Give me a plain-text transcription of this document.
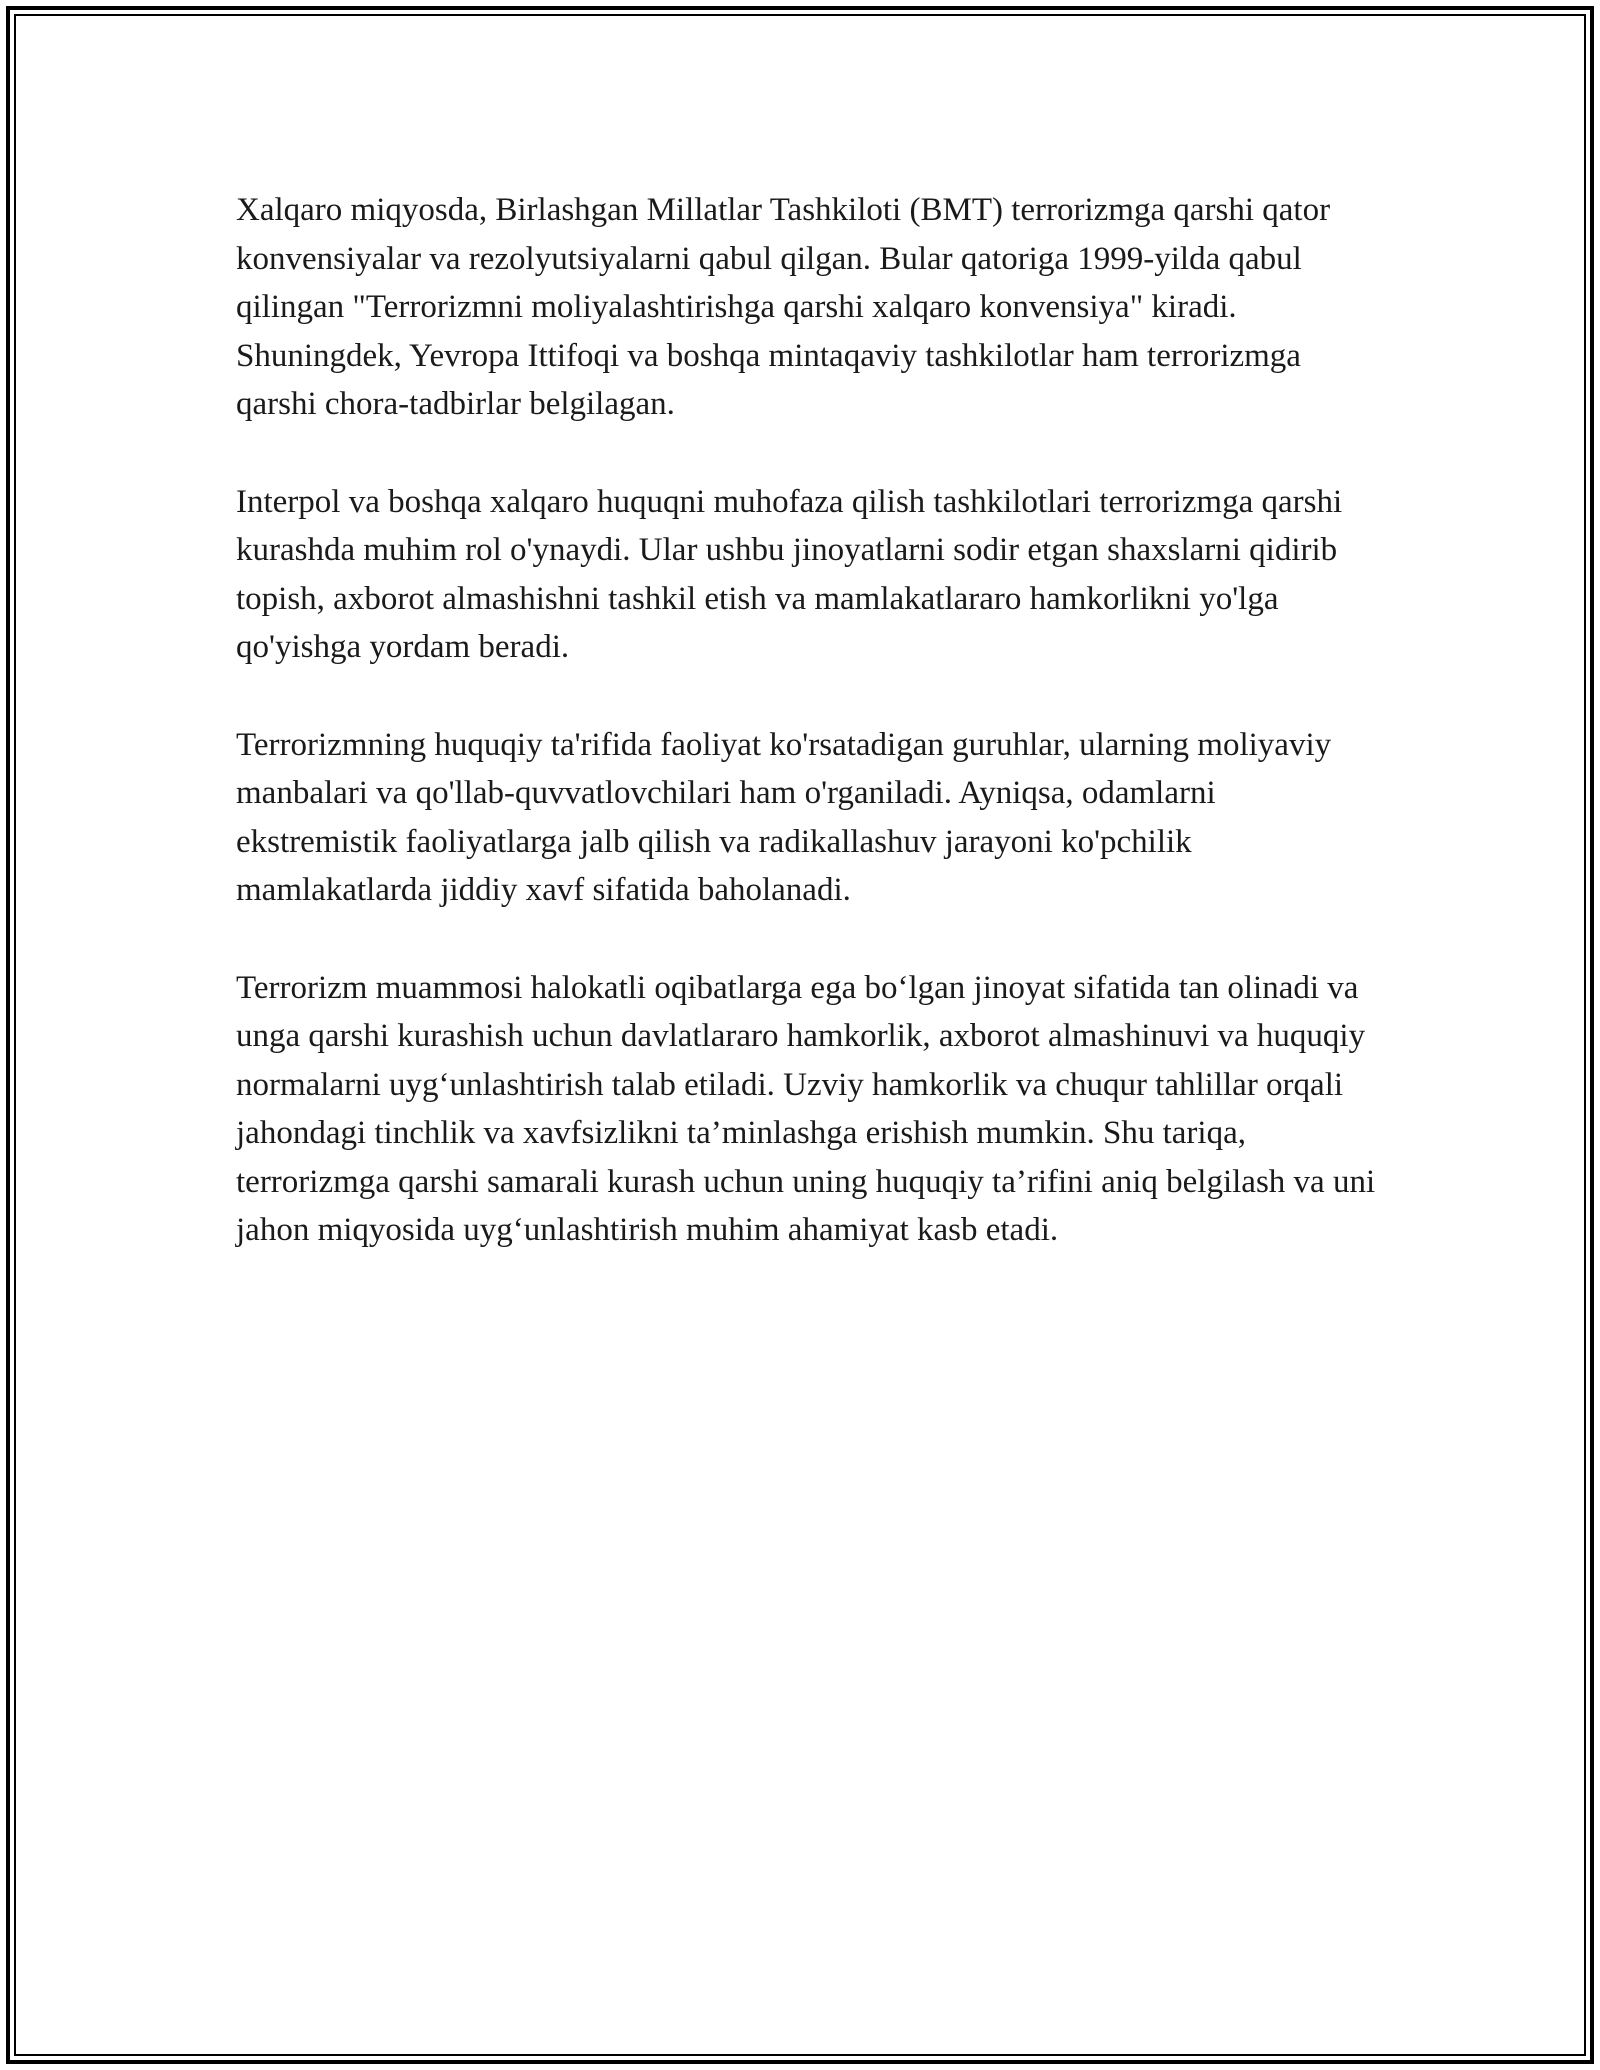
Xalqaro miqyosda, Birlashgan Millatlar Tashkiloti (BMT) terrorizmga qarshi qator konvensiyalar va rezolyutsiyalarni qabul qilgan. Bular qatoriga 1999-yilda qabul qilingan "Terrorizmni moliyalashtirishga qarshi xalqaro konvensiya" kiradi. Shuningdek, Yevropa Ittifoqi va boshqa mintaqaviy tashkilotlar ham terrorizmga qarshi chora-tadbirlar belgilagan.

Interpol va boshqa xalqaro huquqni muhofaza qilish tashkilotlari terrorizmga qarshi kurashda muhim rol o'ynaydi. Ular ushbu jinoyatlarni sodir etgan shaxslarni qidirib topish, axborot almashishni tashkil etish va mamlakatlararo hamkorlikni yo'lga qo'yishga yordam beradi.

Terrorizmning huquqiy ta'rifida faoliyat ko'rsatadigan guruhlar, ularning moliyaviy manbalari va qo'llab-quvvatlovchilari ham o'rganiladi. Ayniqsa, odamlarni ekstremistik faoliyatlarga jalb qilish va radikallashuv jarayoni ko'pchilik mamlakatlarda jiddiy xavf sifatida baholanadi.

Terrorizm muammosi halokatli oqibatlarga ega bo‘lgan jinoyat sifatida tan olinadi va unga qarshi kurashish uchun davlatlararo hamkorlik, axborot almashinuvi va huquqiy normalarni uyg‘unlashtirish talab etiladi. Uzviy hamkorlik va chuqur tahlillar orqali jahondagi tinchlik va xavfsizlikni ta’minlashga erishish mumkin. Shu tariqa, terrorizmga qarshi samarali kurash uchun uning huquqiy ta’rifini aniq belgilash va uni jahon miqyosida uyg‘unlashtirish muhim ahamiyat kasb etadi.
